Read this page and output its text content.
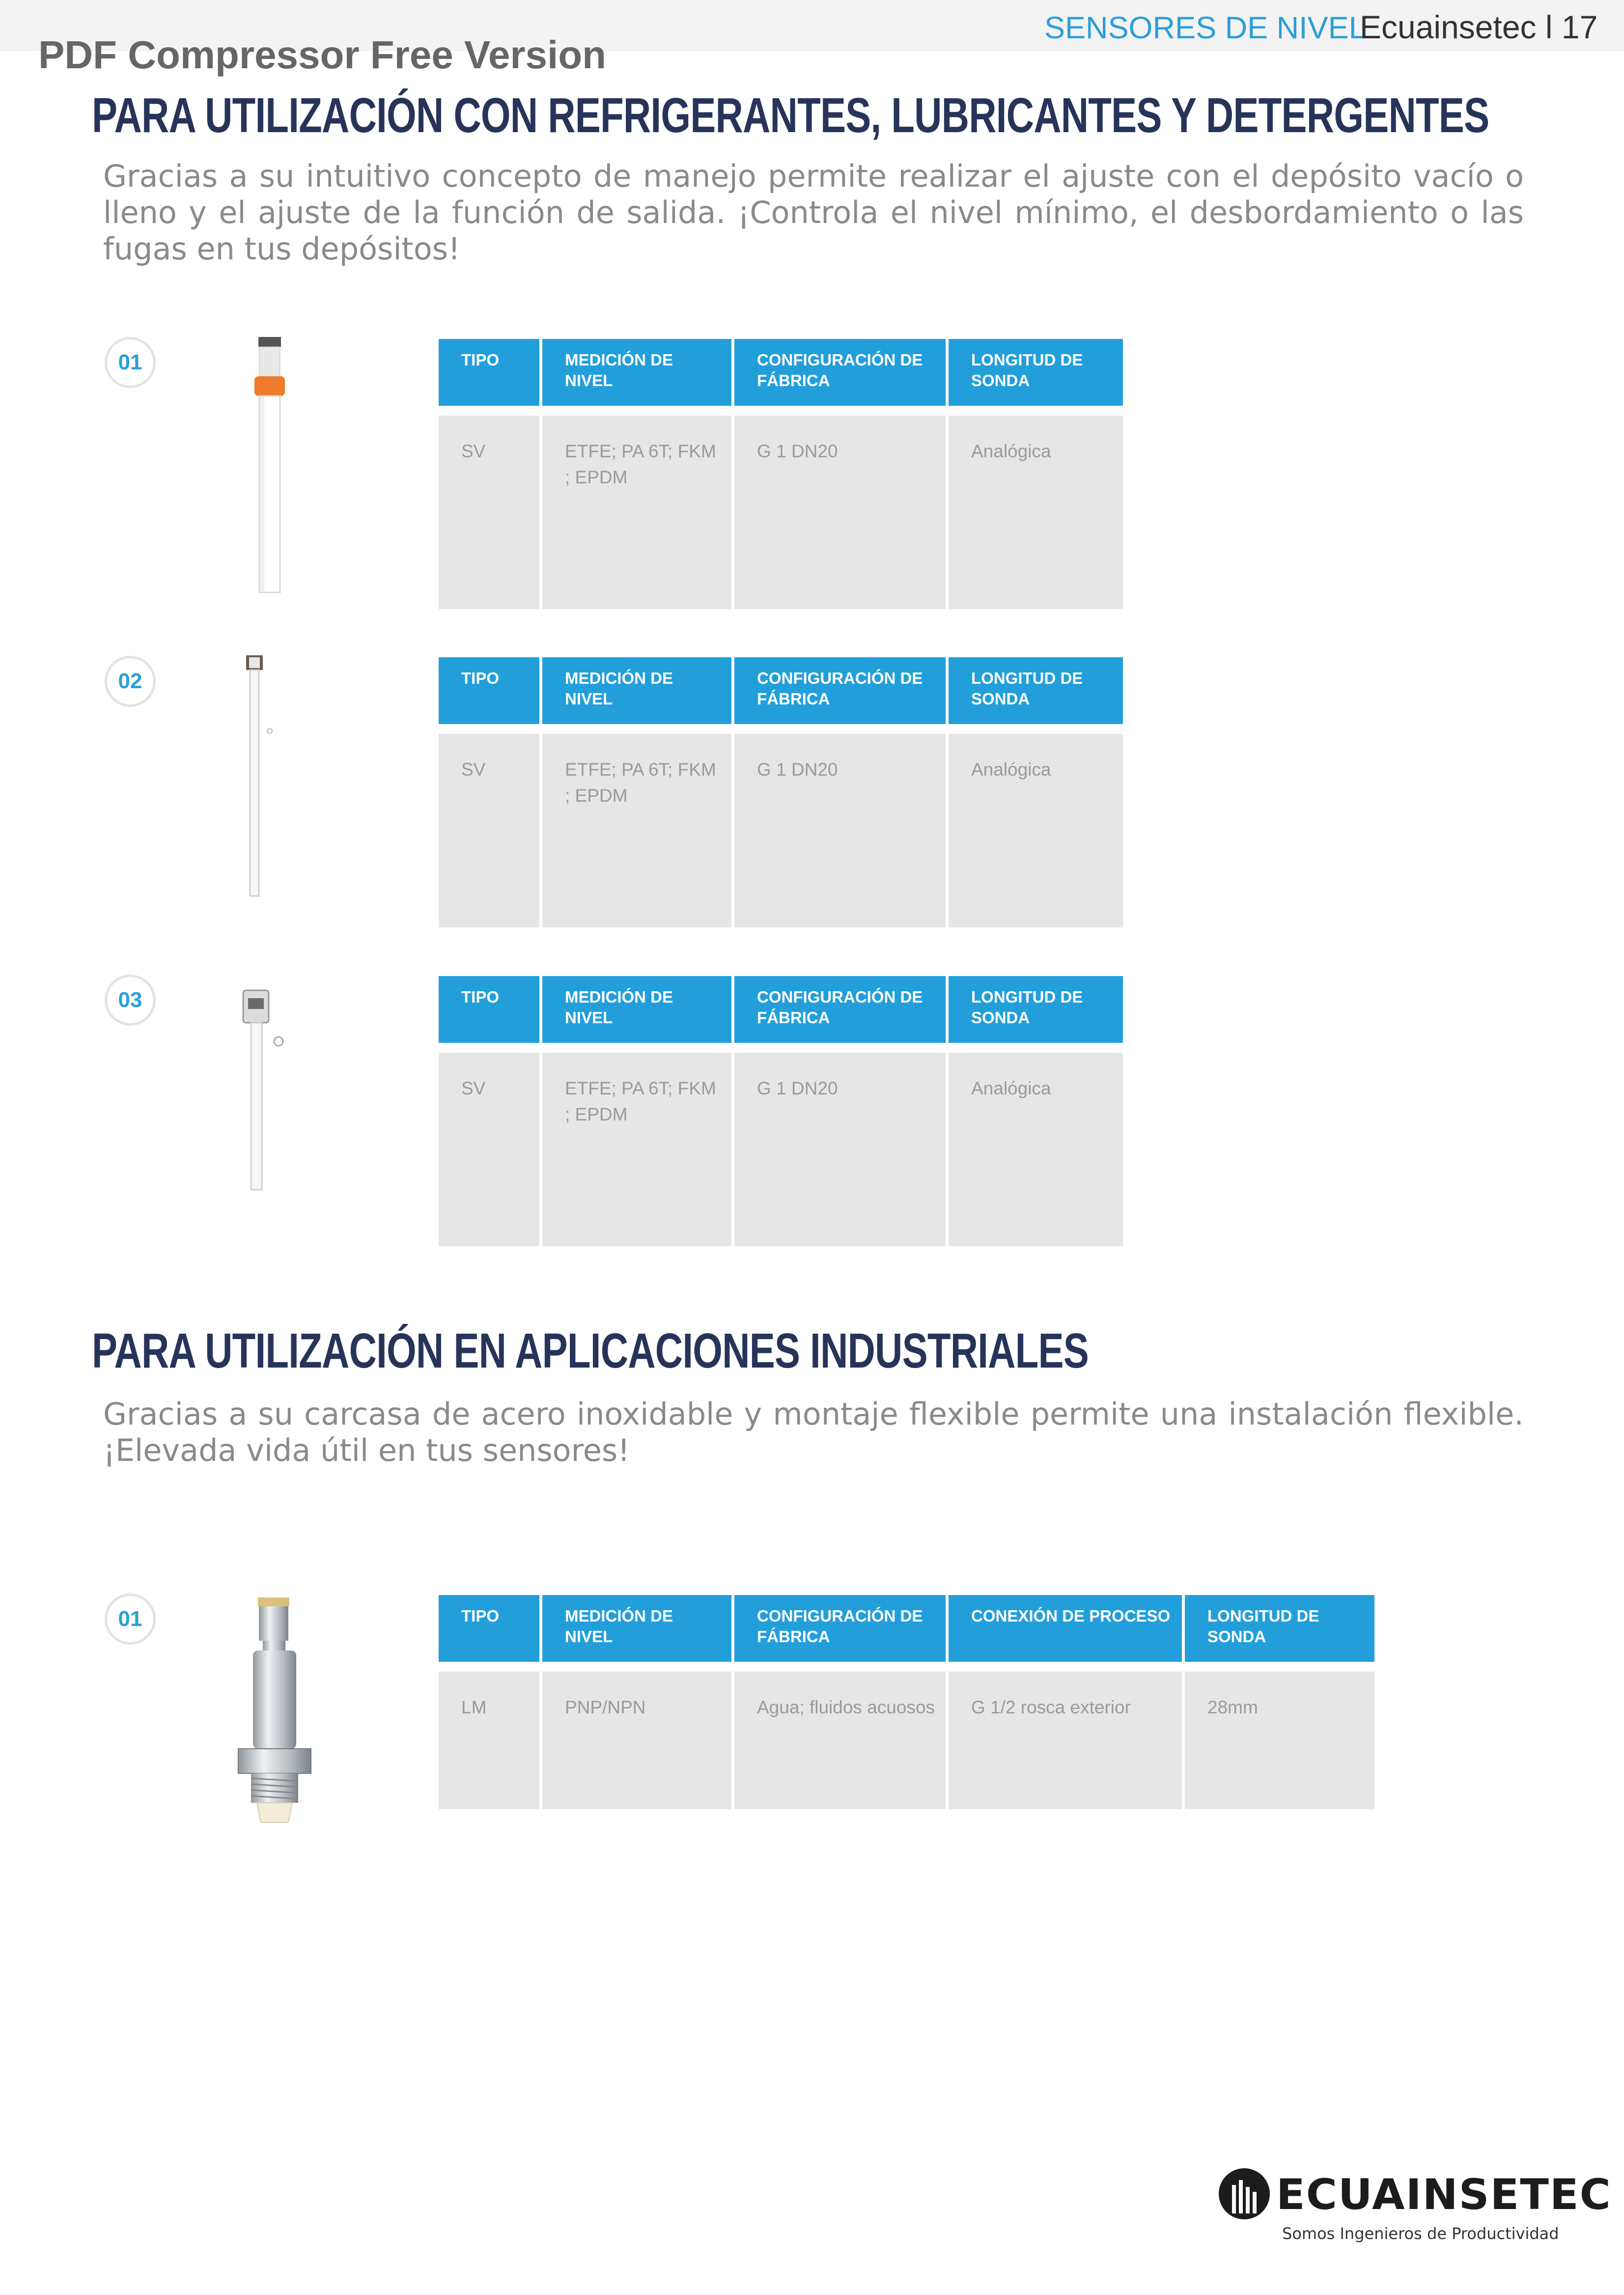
PDF Compressor Free Version
SENSORES DE NIVEL
Ecuainsetec l 17
PARA UTILIZACIÓN CON REFRIGERANTES, LUBRICANTES Y DETERGENTES
Gracias a su intuitivo concepto de manejo permite realizar el ajuste con el depósito vacío o lleno y el ajuste de la función de salida. ¡Controla el nivel mínimo, el desbordamiento o las fugas en tus depósitos!
01	TIPO	MEDICIÓN DE NIVEL	CONFIGURACIÓN DE FÁBRICA	LONGITUD DE SONDA

SV	ETFE; PA 6T; FKM ; EPDM	G 1 DN20	Analógica
02	TIPO	MEDICIÓN DE NIVEL	CONFIGURACIÓN DE FÁBRICA	LONGITUD DE SONDA

SV	ETFE; PA 6T; FKM ; EPDM	G 1 DN20	Analógica
03	TIPO	MEDICIÓN DE NIVEL	CONFIGURACIÓN DE FÁBRICA	LONGITUD DE SONDA

SV	ETFE; PA 6T; FKM ; EPDM	G 1 DN20	Analógica
PARA UTILIZACIÓN EN APLICACIONES INDUSTRIALES
Gracias a su carcasa de acero inoxidable y montaje flexible permite una instalación flexible. ¡Elevada vida útil en tus sensores!
01	TIPO	MEDICIÓN DE NIVEL	CONFIGURACIÓN DE FÁBRICA	CONEXIÓN DE PROCESO	LONGITUD DE SONDA

LM	PNP/NPN	Agua; fluidos acuosos	G 1/2 rosca exterior	28mm
ECUAINSETEC
Somos Ingenieros de Productividad
